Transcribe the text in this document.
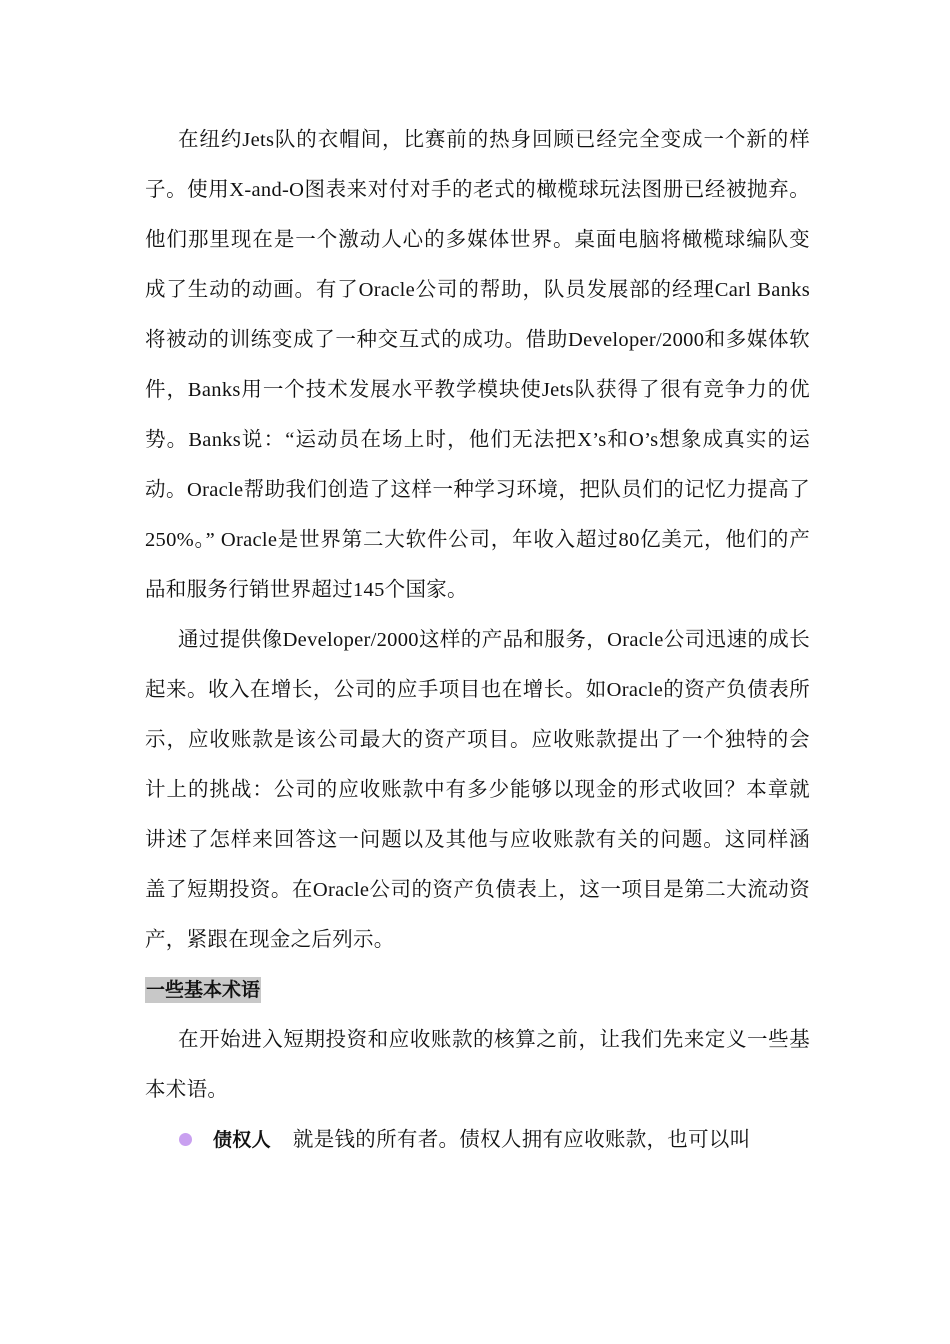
在纽约Jets队的衣帽间，比赛前的热身回顾已经完全变成一个新的样子。使用X-and-O图表来对付对手的老式的橄榄球玩法图册已经被抛弃。他们那里现在是一个激动人心的多媒体世界。桌面电脑将橄榄球编队变成了生动的动画。有了Oracle公司的帮助，队员发展部的经理Carl Banks将被动的训练变成了一种交互式的成功。借助Developer/2000和多媒体软件，Banks用一个技术发展水平教学模块使Jets队获得了很有竞争力的优势。Banks说：“运动员在场上时，他们无法把X’s和O’s想象成真实的运动。Oracle帮助我们创造了这样一种学习环境，把队员们的记忆力提高了250%。” Oracle是世界第二大软件公司，年收入超过80亿美元，他们的产品和服务行销世界超过145个国家。

通过提供像Developer/2000这样的产品和服务，Oracle公司迅速的成长起来。收入在增长，公司的应手项目也在增长。如Oracle的资产负债表所示，应收账款是该公司最大的资产项目。应收账款提出了一个独特的会计上的挑战：公司的应收账款中有多少能够以现金的形式收回？本章就讲述了怎样来回答这一问题以及其他与应收账款有关的问题。这同样涵盖了短期投资。在Oracle公司的资产负债表上，这一项目是第二大流动资产，紧跟在现金之后列示。

一些基本术语

在开始进入短期投资和应收账款的核算之前，让我们先来定义一些基本术语。

债权人 就是钱的所有者。债权人拥有应收账款，也可以叫
